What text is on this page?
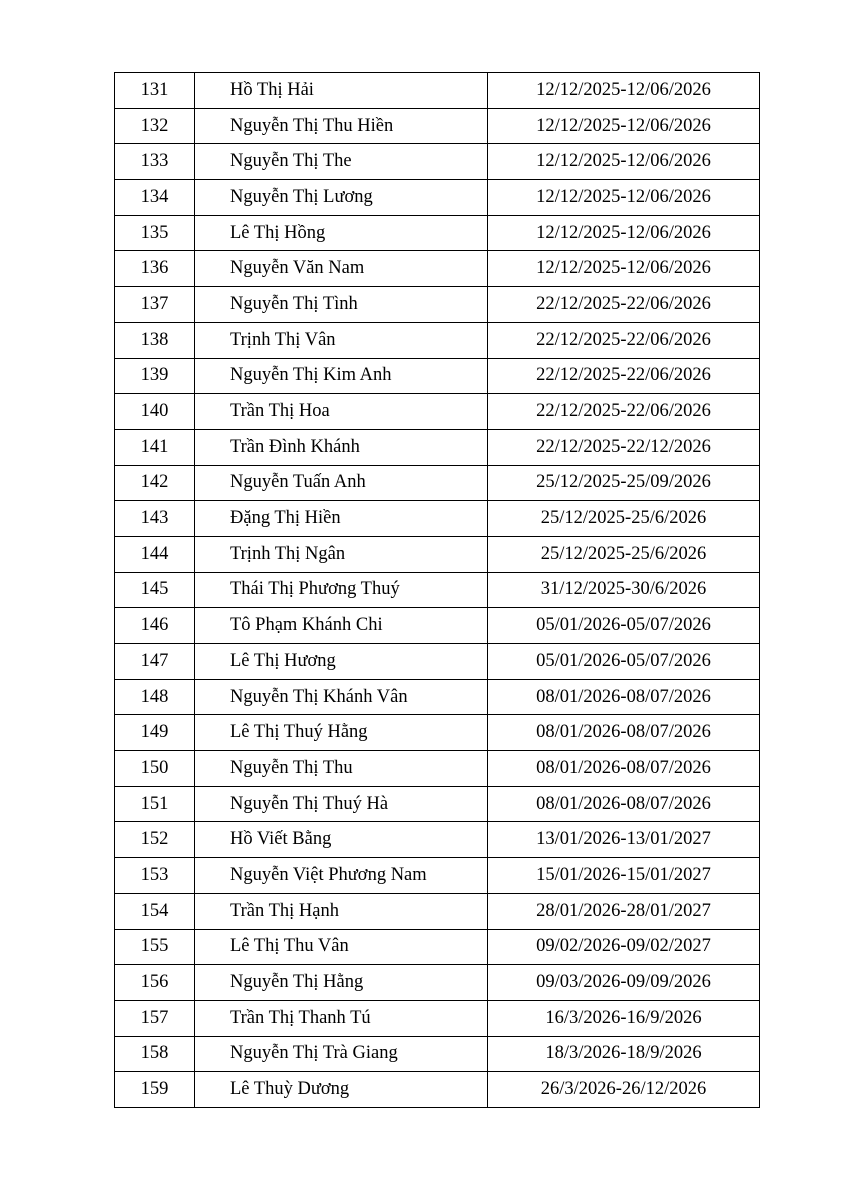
131	Hồ Thị Hải	12/12/2025-12/06/2026
132	Nguyễn Thị Thu Hiền	12/12/2025-12/06/2026
133	Nguyễn Thị The	12/12/2025-12/06/2026
134	Nguyễn Thị Lương	12/12/2025-12/06/2026
135	Lê Thị Hồng	12/12/2025-12/06/2026
136	Nguyễn Văn Nam	12/12/2025-12/06/2026
137	Nguyễn Thị Tình	22/12/2025-22/06/2026
138	Trịnh Thị Vân	22/12/2025-22/06/2026
139	Nguyễn Thị Kim Anh	22/12/2025-22/06/2026
140	Trần Thị Hoa	22/12/2025-22/06/2026
141	Trần Đình Khánh	22/12/2025-22/12/2026
142	Nguyễn Tuấn Anh	25/12/2025-25/09/2026
143	Đặng Thị Hiền	25/12/2025-25/6/2026
144	Trịnh Thị Ngân	25/12/2025-25/6/2026
145	Thái Thị Phương Thuý	31/12/2025-30/6/2026
146	Tô Phạm Khánh Chi	05/01/2026-05/07/2026
147	Lê Thị Hương	05/01/2026-05/07/2026
148	Nguyễn Thị Khánh Vân	08/01/2026-08/07/2026
149	Lê Thị Thuý Hằng	08/01/2026-08/07/2026
150	Nguyễn Thị Thu	08/01/2026-08/07/2026
151	Nguyễn Thị Thuý Hà	08/01/2026-08/07/2026
152	Hồ Viết Bằng	13/01/2026-13/01/2027
153	Nguyễn Việt Phương Nam	15/01/2026-15/01/2027
154	Trần Thị Hạnh	28/01/2026-28/01/2027
155	Lê Thị Thu Vân	09/02/2026-09/02/2027
156	Nguyễn Thị Hằng	09/03/2026-09/09/2026
157	Trần Thị Thanh Tú	16/3/2026-16/9/2026
158	Nguyễn Thị Trà Giang	18/3/2026-18/9/2026
159	Lê Thuỳ Dương	26/3/2026-26/12/2026
